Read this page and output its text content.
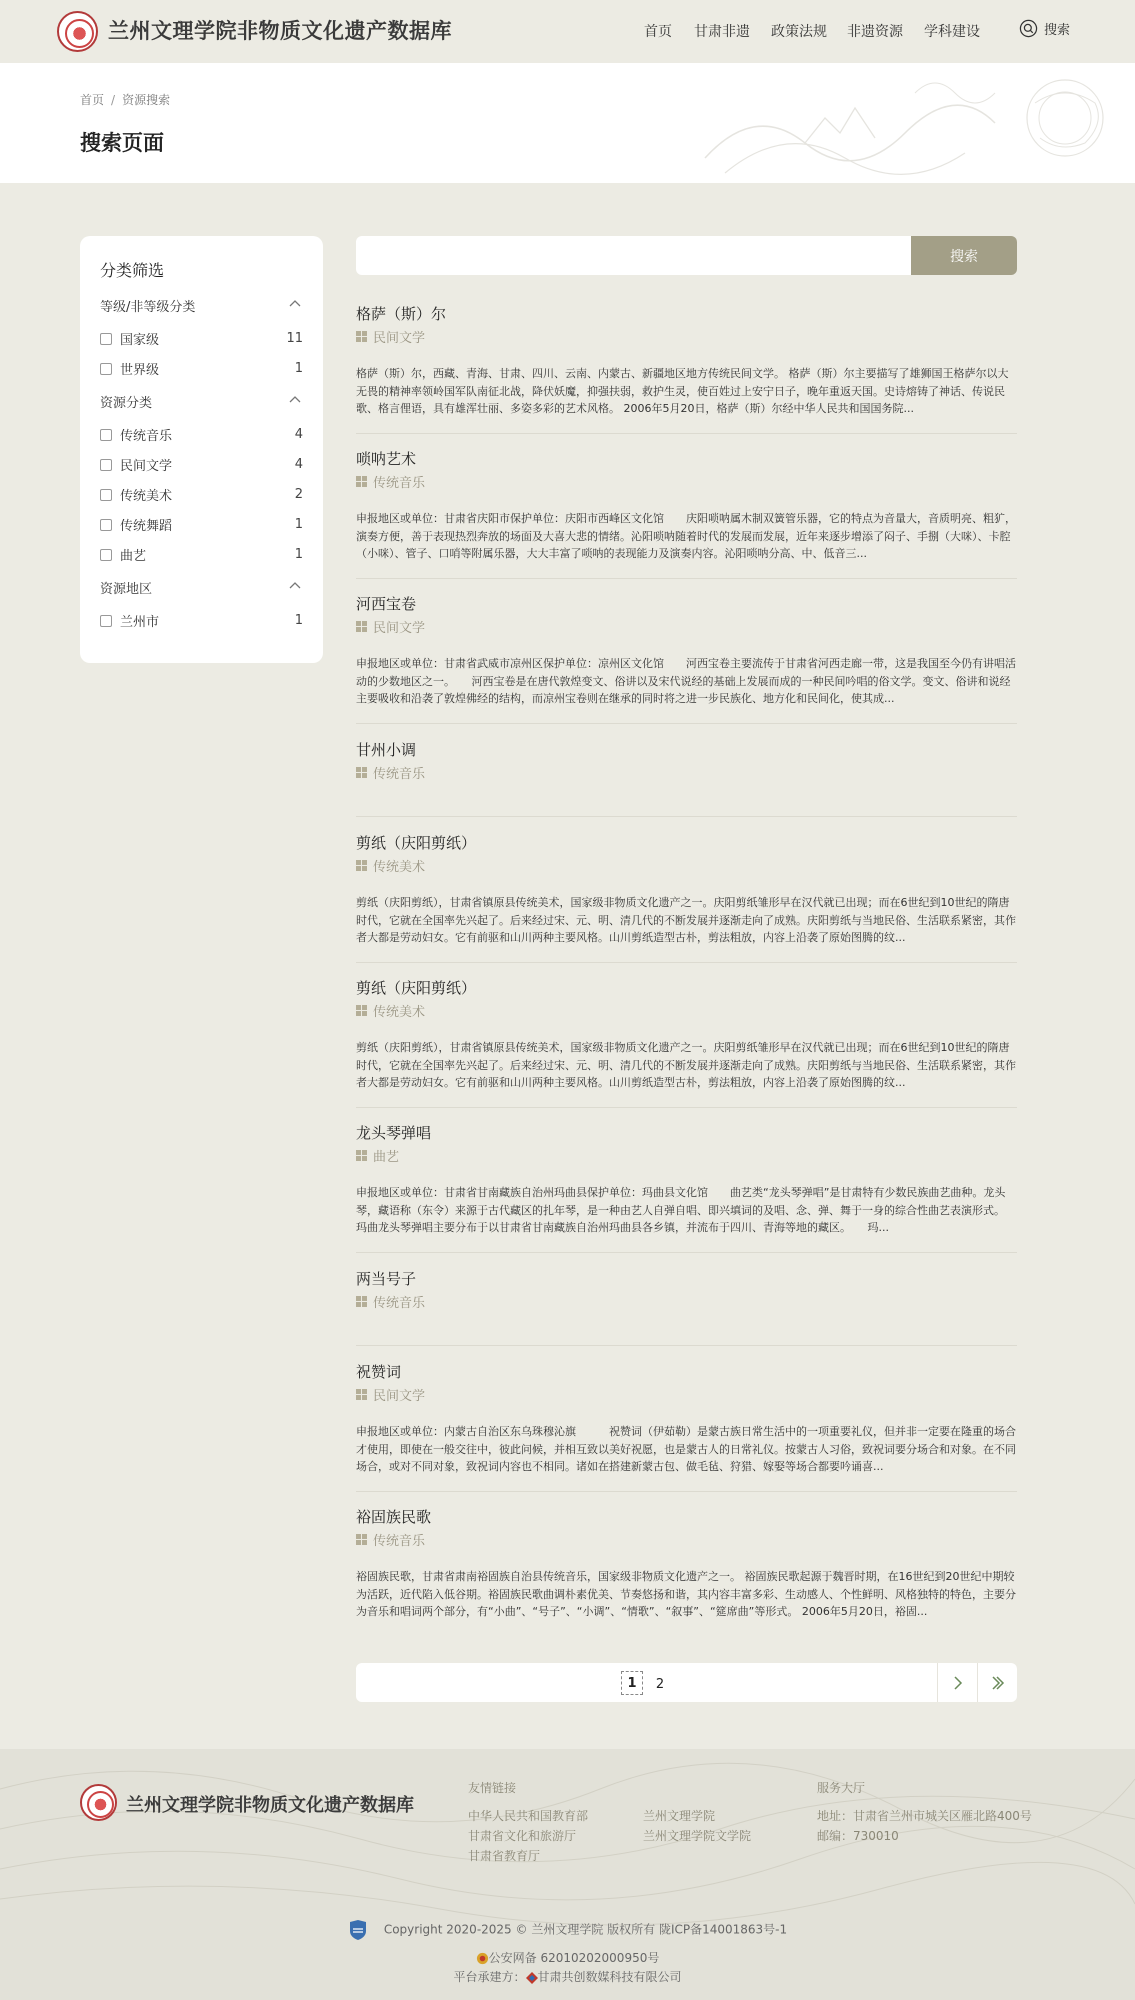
兰州文理学院非物质文化遗产数据库	首页 甘肃非遗 政策法规 非遗资源 学科建设	搜索
首页 / 资源搜索
搜索页面
分类筛选
等级/非等级分类
国家级	11
世界级	1
资源分类
传统音乐	4
民间文学	4
传统美术	2
传统舞蹈	1
曲艺	1
资源地区
兰州市	1
搜索
格萨（斯）尔
民间文学
格萨（斯）尔，西藏、青海、甘肃、四川、云南、内蒙古、新疆地区地方传统民间文学。 格萨（斯）尔主要描写了雄狮国王格萨尔以大无畏的精神率领岭国军队南征北战，降伏妖魔，抑强扶弱，救护生灵，使百姓过上安宁日子，晚年重返天国。史诗熔铸了神话、传说民歌、格言俚语，具有雄浑壮丽、多姿多彩的艺术风格。 2006年5月20日，格萨（斯）尔经中华人民共和国国务院...
唢呐艺术
传统音乐
申报地区或单位：甘肃省庆阳市保护单位：庆阳市西峰区文化馆　　庆阳唢呐属木制双簧管乐器，它的特点为音量大，音质明亮、粗犷，演奏方便，善于表现热烈奔放的场面及大喜大悲的情绪。沁阳唢呐随着时代的发展而发展，近年来逐步增添了闷子、手捌（大咪）、卡腔（小咪）、管子、口哨等附属乐器，大大丰富了唢呐的表现能力及演奏内容。沁阳唢呐分高、中、低音三...
河西宝卷
民间文学
申报地区或单位：甘肃省武威市凉州区保护单位：凉州区文化馆　　河西宝卷主要流传于甘肃省河西走廊一带，这是我国至今仍有讲唱活动的少数地区之一。　　河西宝卷是在唐代敦煌变文、俗讲以及宋代说经的基础上发展而成的一种民间吟唱的俗文学。变文、俗讲和说经主要吸收和沿袭了敦煌佛经的结构，而凉州宝卷则在继承的同时将之进一步民族化、地方化和民间化，使其成...
甘州小调
传统音乐
剪纸（庆阳剪纸）
传统美术
剪纸（庆阳剪纸），甘肃省镇原县传统美术，国家级非物质文化遗产之一。庆阳剪纸雏形早在汉代就已出现；而在6世纪到10世纪的隋唐时代，它就在全国率先兴起了。后来经过宋、元、明、清几代的不断发展并逐渐走向了成熟。庆阳剪纸与当地民俗、生活联系紧密，其作者大都是劳动妇女。它有前驱和山川两种主要风格。山川剪纸造型古朴，剪法粗放，内容上沿袭了原始图腾的纹...
剪纸（庆阳剪纸）
传统美术
剪纸（庆阳剪纸），甘肃省镇原县传统美术，国家级非物质文化遗产之一。庆阳剪纸雏形早在汉代就已出现；而在6世纪到10世纪的隋唐时代，它就在全国率先兴起了。后来经过宋、元、明、清几代的不断发展并逐渐走向了成熟。庆阳剪纸与当地民俗、生活联系紧密，其作者大都是劳动妇女。它有前驱和山川两种主要风格。山川剪纸造型古朴，剪法粗放，内容上沿袭了原始图腾的纹...
龙头琴弹唱
曲艺
申报地区或单位：甘肃省甘南藏族自治州玛曲县保护单位：玛曲县文化馆　　曲艺类“龙头琴弹唱”是甘肃特有少数民族曲艺曲种。龙头琴，藏语称（东令）来源于古代藏区的扎年琴，是一种由艺人自弹自唱、即兴填词的及唱、念、弹、舞于一身的综合性曲艺表演形式。　　玛曲龙头琴弹唱主要分布于以甘肃省甘南藏族自治州玛曲县各乡镇，并流布于四川、青海等地的藏区。　　玛...
两当号子
传统音乐
祝赞词
民间文学
申报地区或单位：内蒙古自治区东乌珠穆沁旗　　　祝赞词（伊茹勒）是蒙古族日常生活中的一项重要礼仪，但并非一定要在隆重的场合才使用，即使在一般交往中，彼此问候，并相互致以美好祝愿，也是蒙古人的日常礼仪。按蒙古人习俗，致祝词要分场合和对象。在不同场合，或对不同对象，致祝词内容也不相同。诸如在搭建新蒙古包、做毛毡、狩猎、嫁娶等场合都要吟诵喜...
裕固族民歌
传统音乐
裕固族民歌，甘肃省肃南裕固族自治县传统音乐，国家级非物质文化遗产之一。 裕固族民歌起源于魏晋时期，在16世纪到20世纪中期较为活跃，近代陷入低谷期。裕固族民歌曲调朴素优美、节奏悠扬和谐，其内容丰富多彩、生动感人、个性鲜明、风格独特的特色，主要分为音乐和唱词两个部分，有“小曲”、“号子”、“小调”、“情歌”、“叙事”、“筵席曲”等形式。 2006年5月20日，裕固...
1	2
兰州文理学院非物质文化遗产数据库
友情链接
中华人民共和国教育部	兰州文理学院
甘肃省文化和旅游厅	兰州文理学院文学院
甘肃省教育厅
服务大厅
地址：甘肃省兰州市城关区雁北路400号
邮编：730010
Copyright 2020-2025 © 兰州文理学院 版权所有 陇ICP备14001863号-1
公安网备 62010202000950号
平台承建方： 甘肃共创数媒科技有限公司
